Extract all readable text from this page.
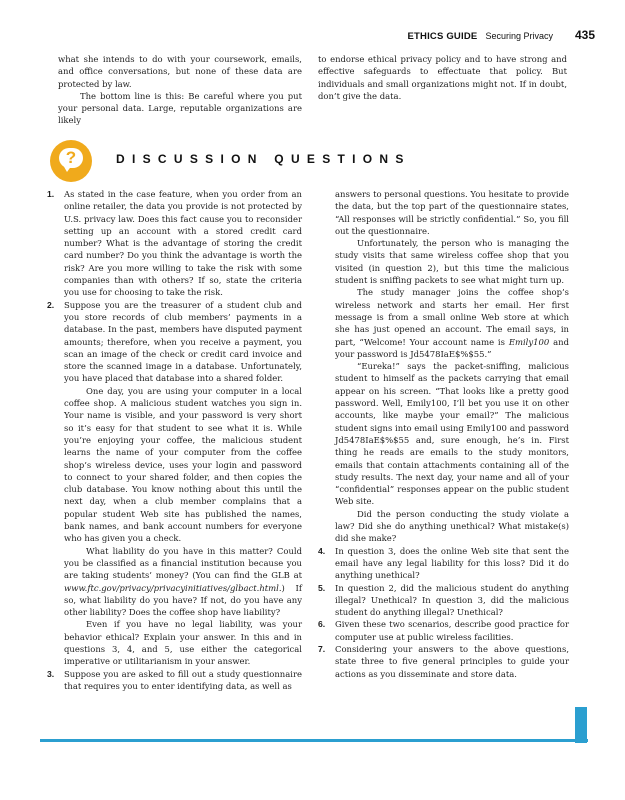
ETHICS GUIDE Securing Privacy 435

what she intends to do with your coursework, emails, and office conversations, but none of these data are protected by law.

The bottom line is this: Be careful where you put your personal data. Large, reputable organizations are likely

to endorse ethical privacy policy and to have strong and effective safeguards to effectuate that policy. But individuals and small organizations might not. If in doubt, don’t give the data.

?	DISCUSSION QUESTIONS
1. As stated in the case feature, when you order from an online retailer, the data you provide is not protected by U.S. privacy law. Does this fact cause you to reconsider setting up an account with a stored credit card number? What is the advantage of storing the credit card number? Do you think the advantage is worth the risk? Are you more willing to take the risk with some companies than with others? If so, state the criteria you use for choosing to take the risk.

2. Suppose you are the treasurer of a student club and you store records of club members’ payments in a database. In the past, members have disputed payment amounts; therefore, when you receive a payment, you scan an image of the check or credit card invoice and store the scanned image in a database. Unfortunately, you have placed that database into a shared folder.

One day, you are using your computer in a local coffee shop. A malicious student watches you sign in. Your name is visible, and your password is very short so it’s easy for that student to see what it is. While you’re enjoying your coffee, the malicious student learns the name of your computer from the coffee shop’s wireless device, uses your login and password to connect to your shared folder, and then copies the club database. You know nothing about this until the next day, when a club member complains that a popular student Web site has published the names, bank names, and bank account numbers for everyone who has given you a check.

What liability do you have in this matter? Could you be classified as a financial institution because you are taking students’ money? (You can find the GLB at www.ftc.gov/privacy/privacyinitiatives/glbact.html.) If so, what liability do you have? If not, do you have any other liability? Does the coffee shop have liability?

Even if you have no legal liability, was your behavior ethical? Explain your answer. In this and in questions 3, 4, and 5, use either the categorical imperative or utilitarianism in your answer.

3. Suppose you are asked to fill out a study questionnaire that requires you to enter identifying data, as well as

answers to personal questions. You hesitate to provide the data, but the top part of the questionnaire states, “All responses will be strictly confidential.” So, you fill out the questionnaire.

Unfortunately, the person who is managing the study visits that same wireless coffee shop that you visited (in question 2), but this time the malicious student is sniffing packets to see what might turn up.

The study manager joins the coffee shop’s wireless network and starts her email. Her first message is from a small online Web store at which she has just opened an account. The email says, in part, “Welcome! Your account name is Emily100 and your password is Jd5478IaE$%$55.”

“Eureka!” says the packet-sniffing, malicious student to himself as the packets carrying that email appear on his screen. “That looks like a pretty good password. Well, Emily100, I’ll bet you use it on other accounts, like maybe your email?” The malicious student signs into email using Emily100 and password Jd5478IaE$%$55 and, sure enough, he’s in. First thing he reads are emails to the study monitors, emails that contain attachments containing all of the study results. The next day, your name and all of your “confidential” responses appear on the public student Web site.

Did the person conducting the study violate a law? Did she do anything unethical? What mistake(s) did she make?

4. In question 3, does the online Web site that sent the email have any legal liability for this loss? Did it do anything unethical?

5. In question 2, did the malicious student do anything illegal? Unethical? In question 3, did the malicious student do anything illegal? Unethical?

6. Given these two scenarios, describe good practice for computer use at public wireless facilities.

7. Considering your answers to the above questions, state three to five general principles to guide your actions as you disseminate and store data.
